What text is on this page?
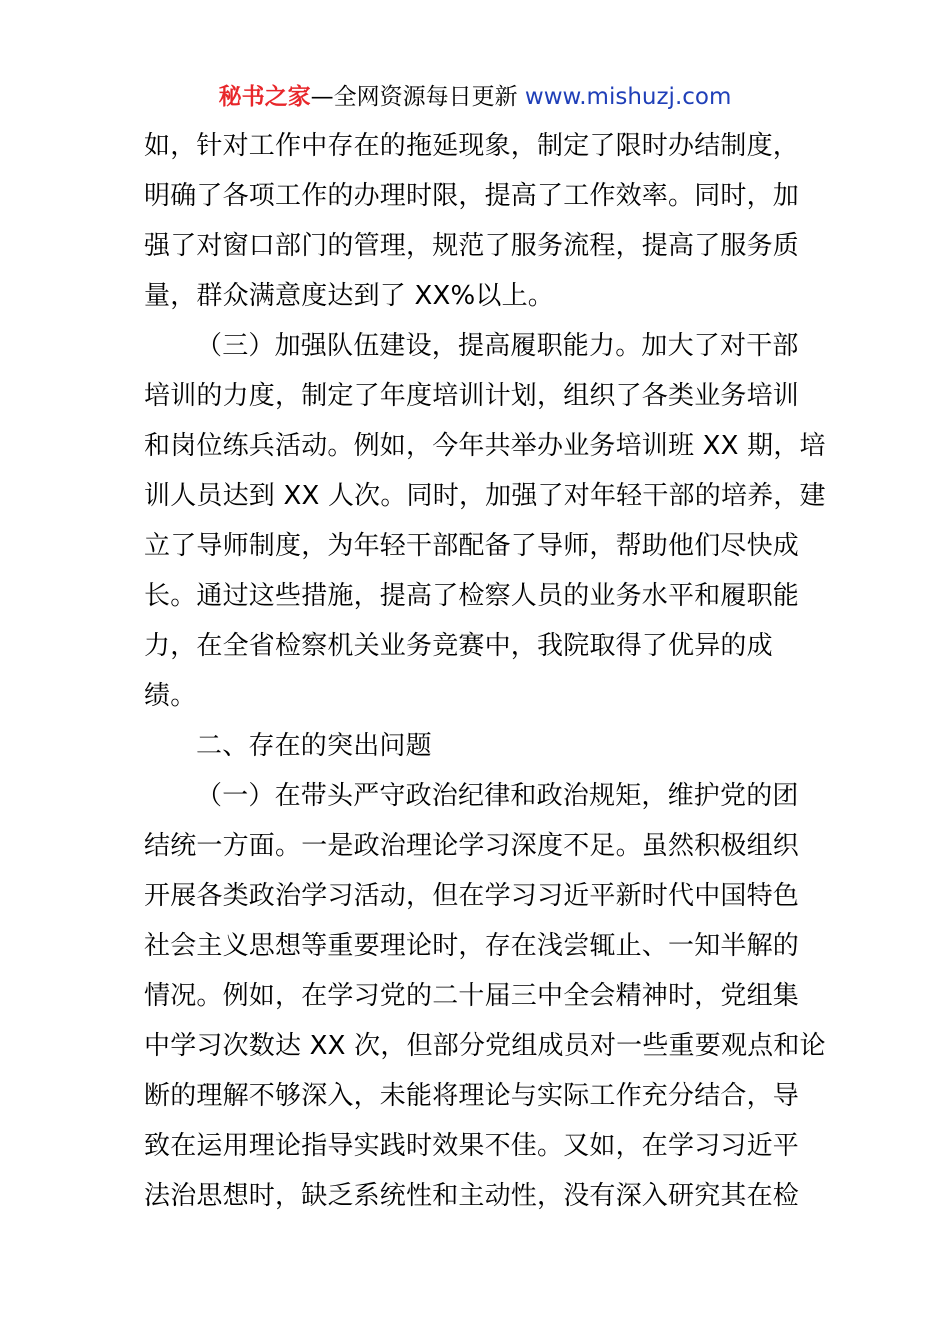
秘书之家—全网资源每日更新 www.mishuzj.com
如，针对工作中存在的拖延现象，制定了限时办结制度，
明确了各项工作的办理时限，提高了工作效率。同时，加
强了对窗口部门的管理，规范了服务流程，提高了服务质
量，群众满意度达到了 XX%以上。
（三）加强队伍建设，提高履职能力。加大了对干部
培训的力度，制定了年度培训计划，组织了各类业务培训
和岗位练兵活动。例如，今年共举办业务培训班 XX 期，培
训人员达到 XX 人次。同时，加强了对年轻干部的培养，建
立了导师制度，为年轻干部配备了导师，帮助他们尽快成
长。通过这些措施，提高了检察人员的业务水平和履职能
力，在全省检察机关业务竞赛中，我院取得了优异的成
绩。
二、存在的突出问题
（一）在带头严守政治纪律和政治规矩，维护党的团
结统一方面。一是政治理论学习深度不足。虽然积极组织
开展各类政治学习活动，但在学习习近平新时代中国特色
社会主义思想等重要理论时，存在浅尝辄止、一知半解的
情况。例如，在学习党的二十届三中全会精神时，党组集
中学习次数达 XX 次，但部分党组成员对一些重要观点和论
断的理解不够深入，未能将理论与实际工作充分结合，导
致在运用理论指导实践时效果不佳。又如，在学习习近平
法治思想时，缺乏系统性和主动性，没有深入研究其在检
